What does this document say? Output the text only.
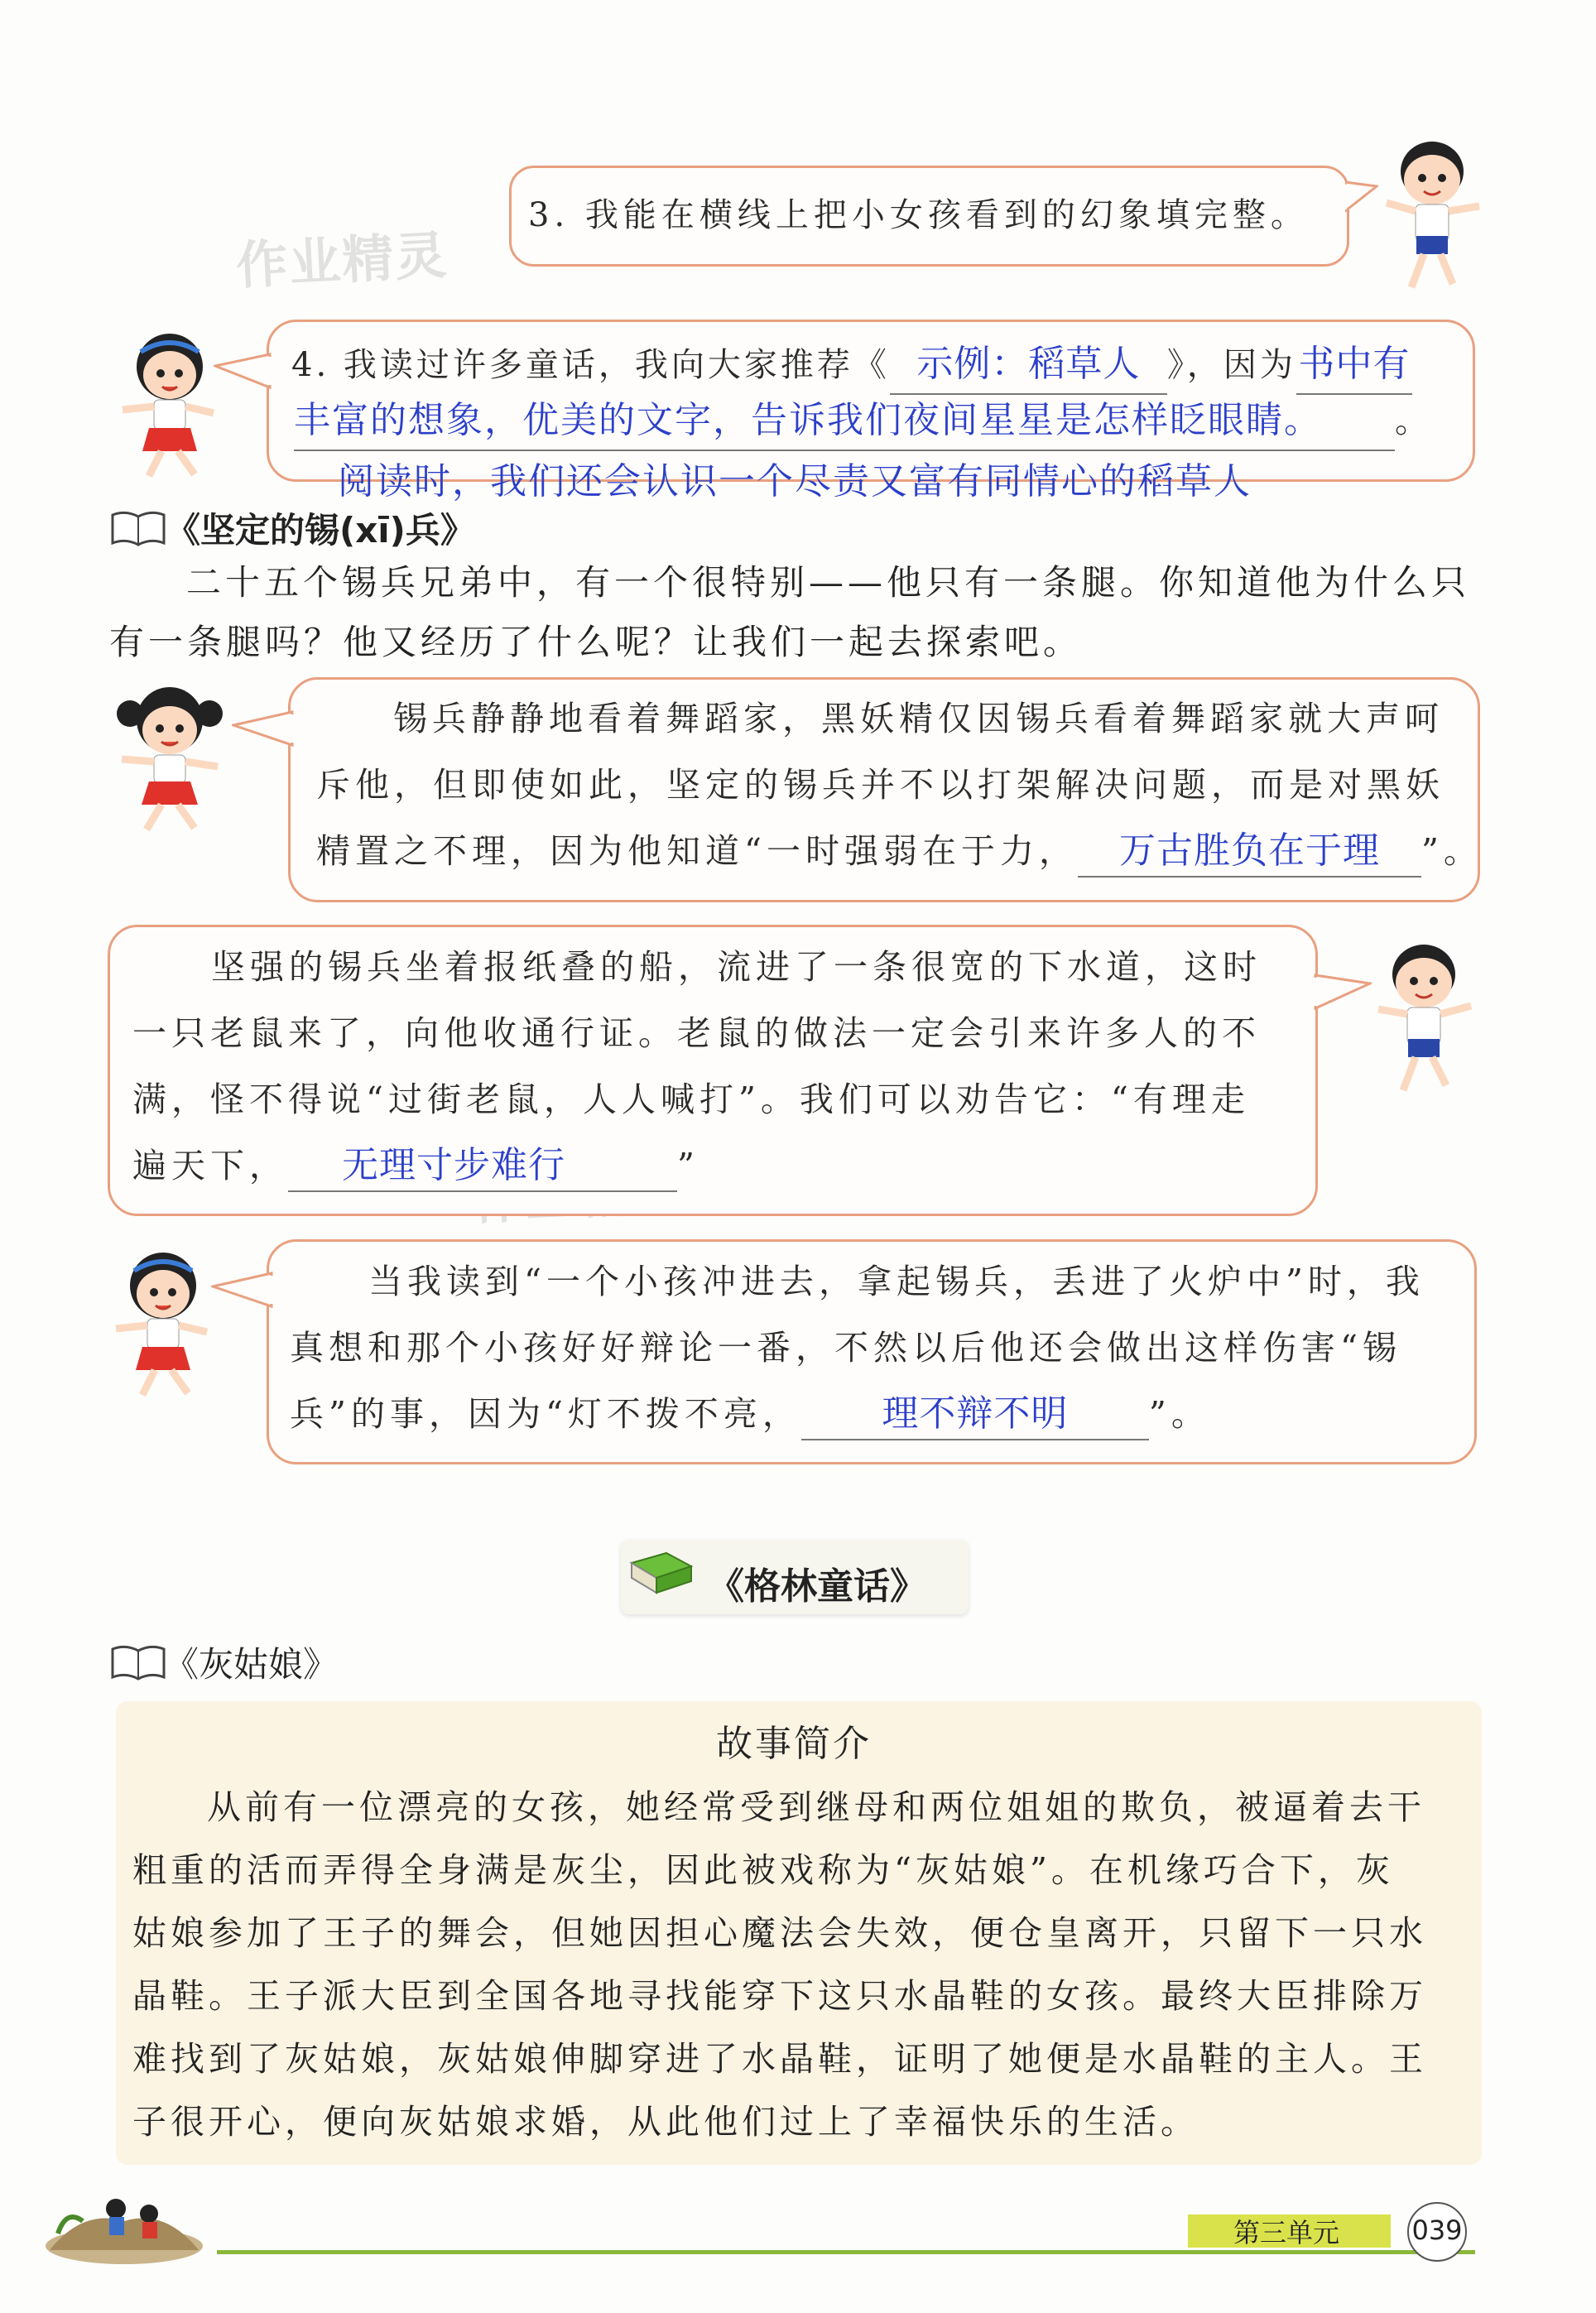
作业精灵
3. 我能在横线上把小女孩看到的幻象填完整。
4. 我读过许多童话，我向大家推荐《 示例：稻草人 》，因为书中有
丰富的想象，优美的文字，告诉我们夜间星星是怎样眨眼睛。 。
阅读时，我们还会认识一个尽责又富有同情心的稻草人
《坚定的锡(xī)兵》
二十五个锡兵兄弟中，有一个很特别——他只有一条腿。你知道他为什么只
有一条腿吗？他又经历了什么呢？让我们一起去探索吧。
锡兵静静地看着舞蹈家，黑妖精仅因锡兵看着舞蹈家就大声呵
斥他，但即使如此，坚定的锡兵并不以打架解决问题，而是对黑妖
精置之不理，因为他知道“一时强弱在于力， 万古胜负在于理 ”。
坚强的锡兵坐着报纸叠的船，流进了一条很宽的下水道，这时
一只老鼠来了，向他收通行证。老鼠的做法一定会引来许多人的不
满，怪不得说“过街老鼠，人人喊打”。我们可以劝告它：“有理走
遍天下， 无理寸步难行	”
当我读到“一个小孩冲进去，拿起锡兵，丢进了火炉中”时，我
真想和那个小孩好好辩论一番，不然以后他还会做出这样伤害“锡
兵”的事，因为“灯不拨不亮， 理不辩不明 ”。
《格林童话》
《灰姑娘》
故事简介
从前有一位漂亮的女孩，她经常受到继母和两位姐姐的欺负，被逼着去干
粗重的活而弄得全身满是灰尘，因此被戏称为“灰姑娘”。在机缘巧合下，灰
姑娘参加了王子的舞会，但她因担心魔法会失效，便仓皇离开，只留下一只水
晶鞋。王子派大臣到全国各地寻找能穿下这只水晶鞋的女孩。最终大臣排除万
难找到了灰姑娘，灰姑娘伸脚穿进了水晶鞋，证明了她便是水晶鞋的主人。王
子很开心，便向灰姑娘求婚，从此他们过上了幸福快乐的生活。
第三单元	039
